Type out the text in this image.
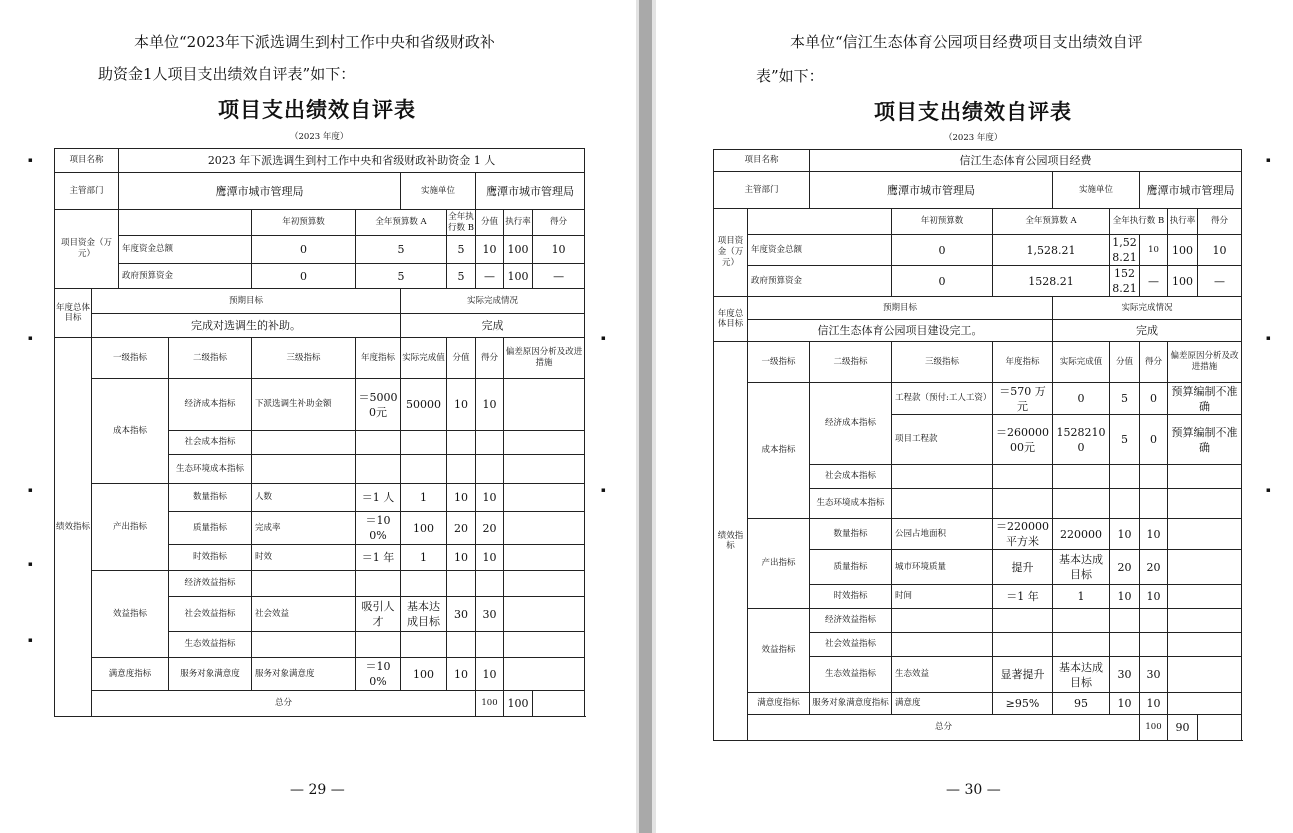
本单位“2023年下派选调生到村工作中央和省级财政补

助资金1人项目支出绩效自评表”如下：

项目支出绩效自评表

（2023 年度）

▪
▪
▪
▪
▪
▪
▪
项目名称		2023 年下派选调生到村工作中央和省级财政补助资金 1 人								
主管部门		鹰潭市城市管理局				实施单位		鹰潭市城市管理局		
项目资金（万元）				年初预算数	全年预算数 A		全年执行数 B	分值	执行率	得分
		年度资金总额		0	5		5	10	100	10
		政府预算资金		0	5		5	—	100	—
年度总体目标	预期目标					实际完成情况				
	完成对选调生的补助。					完成				
绩效指标	一级指标		二级指标	三级指标	年度指标	实际完成值	分值	得分	偏差原因分析及改进措施	
	成本指标		经济成本指标	下派选调生补助金额	＝50000元	50000	10	10		
			社会成本指标							
			生态环境成本指标							
	产出指标		数量指标	人数	＝1 人	1	10	10		
			质量指标	完成率	＝100%	100	20	20		
			时效指标	时效	＝1 年	1	10	10		
	效益指标		经济效益指标							
			社会效益指标	社会效益	吸引人才	基本达成目标	30	30		
			生态效益指标							
	满意度指标		服务对象满意度	服务对象满意度	＝100%	100	10	10		
	总分							100	100	

— 29 —

本单位“信江生态体育公园项目经费项目支出绩效自评

表”如下：

项目支出绩效自评表

（2023 年度）

▪
▪
▪
项目名称		信江生态体育公园项目经费							
主管部门		鹰潭市城市管理局			实施单位		鹰潭市城市管理局		
项目资金（万元）			年初预算数	全年预算数 A		全年执行数 B		执行率	得分
	年度资金总额		0	1,528.21		1,528.21	10	100	10
	政府预算资金		0	1528.21		1528.21	—	100	—
年度总体目标	预期目标				实际完成情况				
	信江生态体育公园项目建设完工。				完成				
绩效指标	一级指标	二级指标	三级指标	年度指标	实际完成值	分值	得分	偏差原因分析及改进措施	
	成本指标	经济成本指标	工程款（预付:工人工资）	＝570 万元	0	5	0	预算编制不准确	
			项目工程款	＝26000000元	15282100	5	0	预算编制不准确	
		社会成本指标							
		生态环境成本指标							
	产出指标	数量指标	公园占地面积	＝220000平方米	220000	10	10		
		质量指标	城市环境质量	提升	基本达成目标	20	20		
		时效指标	时间	＝1 年	1	10	10		
	效益指标	经济效益指标							
		社会效益指标							
		生态效益指标	生态效益	显著提升	基本达成目标	30	30		
	满意度指标	服务对象满意度指标	满意度	≥95%	95	10	10		
	总分						100	90	

— 30 —
